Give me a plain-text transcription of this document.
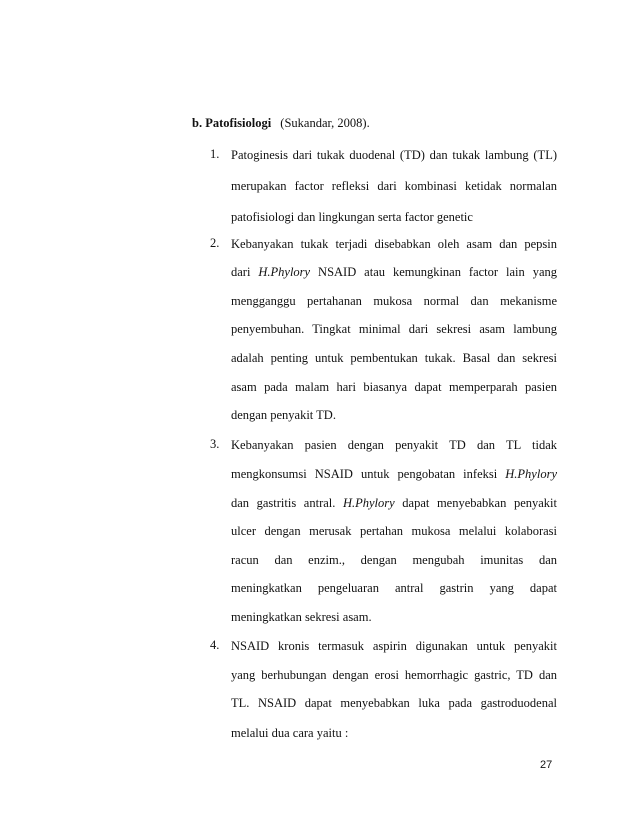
b. Patofisiologi (Sukandar, 2008).
1. Patoginesis dari tukak duodenal (TD) dan tukak lambung (TL)
merupakan factor refleksi dari kombinasi ketidak normalan
patofisiologi dan lingkungan serta factor genetic
2. Kebanyakan tukak terjadi disebabkan oleh asam dan pepsin
dari H.Phylory NSAID atau kemungkinan factor lain yang
mengganggu pertahanan mukosa normal dan mekanisme
penyembuhan. Tingkat minimal dari sekresi asam lambung
adalah penting untuk pembentukan tukak. Basal dan sekresi
asam pada malam hari biasanya dapat memperparah pasien
dengan penyakit TD.
3. Kebanyakan pasien dengan penyakit TD dan TL tidak
mengkonsumsi NSAID untuk pengobatan infeksi H.Phylory
dan gastritis antral. H.Phylory dapat menyebabkan penyakit
ulcer dengan merusak pertahan mukosa melalui kolaborasi
racun dan enzim., dengan mengubah imunitas dan
meningkatkan pengeluaran antral gastrin yang dapat
meningkatkan sekresi asam.
4. NSAID kronis termasuk aspirin digunakan untuk penyakit
yang berhubungan dengan erosi hemorrhagic gastric, TD dan
TL. NSAID dapat menyebabkan luka pada gastroduodenal
melalui dua cara yaitu :
27
